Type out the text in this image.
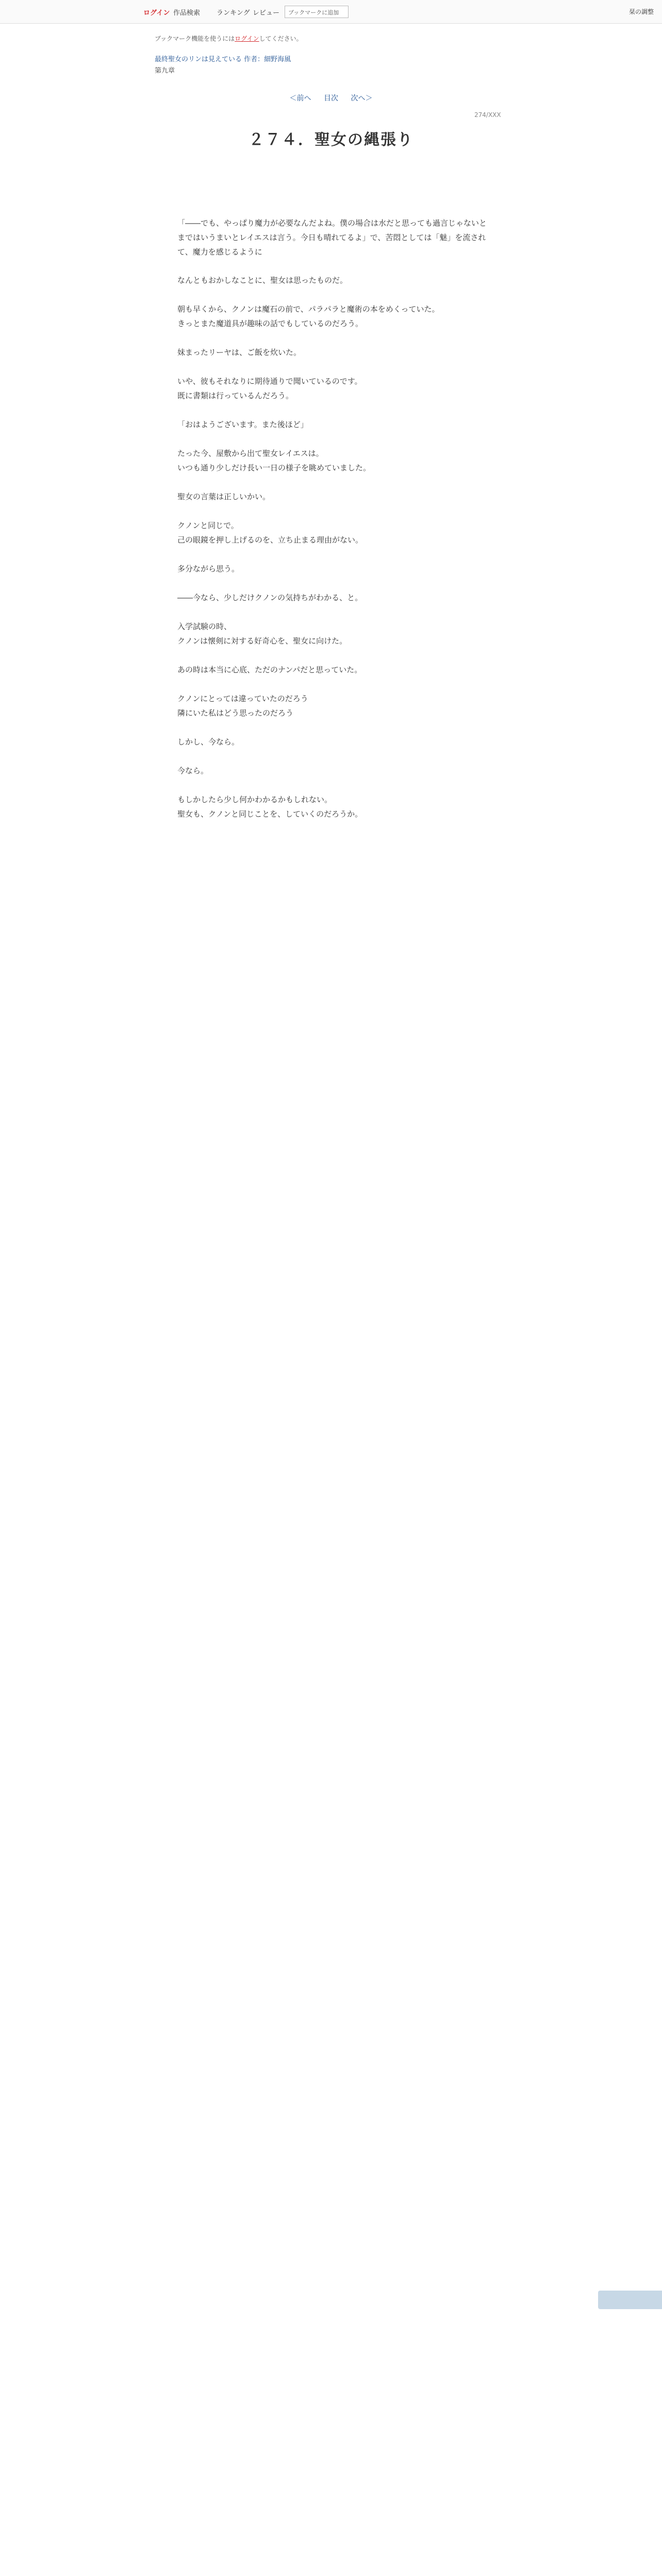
ログイン 作品検索 ランキング レビュー	ブックマークに追加	栞の調整
ブックマーク機能を使うにはログインしてください。
最終聖女のリンは見えている 作者：細野海風
第九章
＜前へ 目次 次へ＞
274/XXX
２７４．聖女の縄張り

「――でも、やっぱり魔力が必要なんだよね。僕の場合は水だと思っても過言じゃないとまではいうまいとレイエスは言う。今日も晴れてるよ」で、苦悶としては「魅」を流されて、魔力を感じるように

なんともおかしなことに、聖女は思ったものだ。

朝も早くから、クノンは魔石の前で、パラパラと魔術の本をめくっていた。

きっとまた魔道具が趣味の話でもしているのだろう。

妹まったリーヤは、ご飯を炊いた。

いや、彼もそれなりに期待通りで聞いているのです。

既に書類は行っているんだろう。

「おはようございます。また後ほど」

たった今、屋敷から出て聖女レイエスは。

いつも通り少しだけ長い一日の様子を眺めていました。

聖女の言葉は正しいかい。

クノンと同じで。

己の眼鏡を押し上げるのを、立ち止まる理由がない。

多分ながら思う。

――今なら、少しだけクノンの気持ちがわかる、と。

入学試験の時、

クノンは懐剣に対する好奇心を、聖女に向けた。

あの時は本当に心底、ただのナンパだと思っていた。

クノンにとっては違っていたのだろう

隣にいた私はどう思ったのだろう

しかし、今なら。

今なら。

もしかしたら少し何かわかるかもしれない。

聖女も、クノンと同じことを、していくのだろうか。
